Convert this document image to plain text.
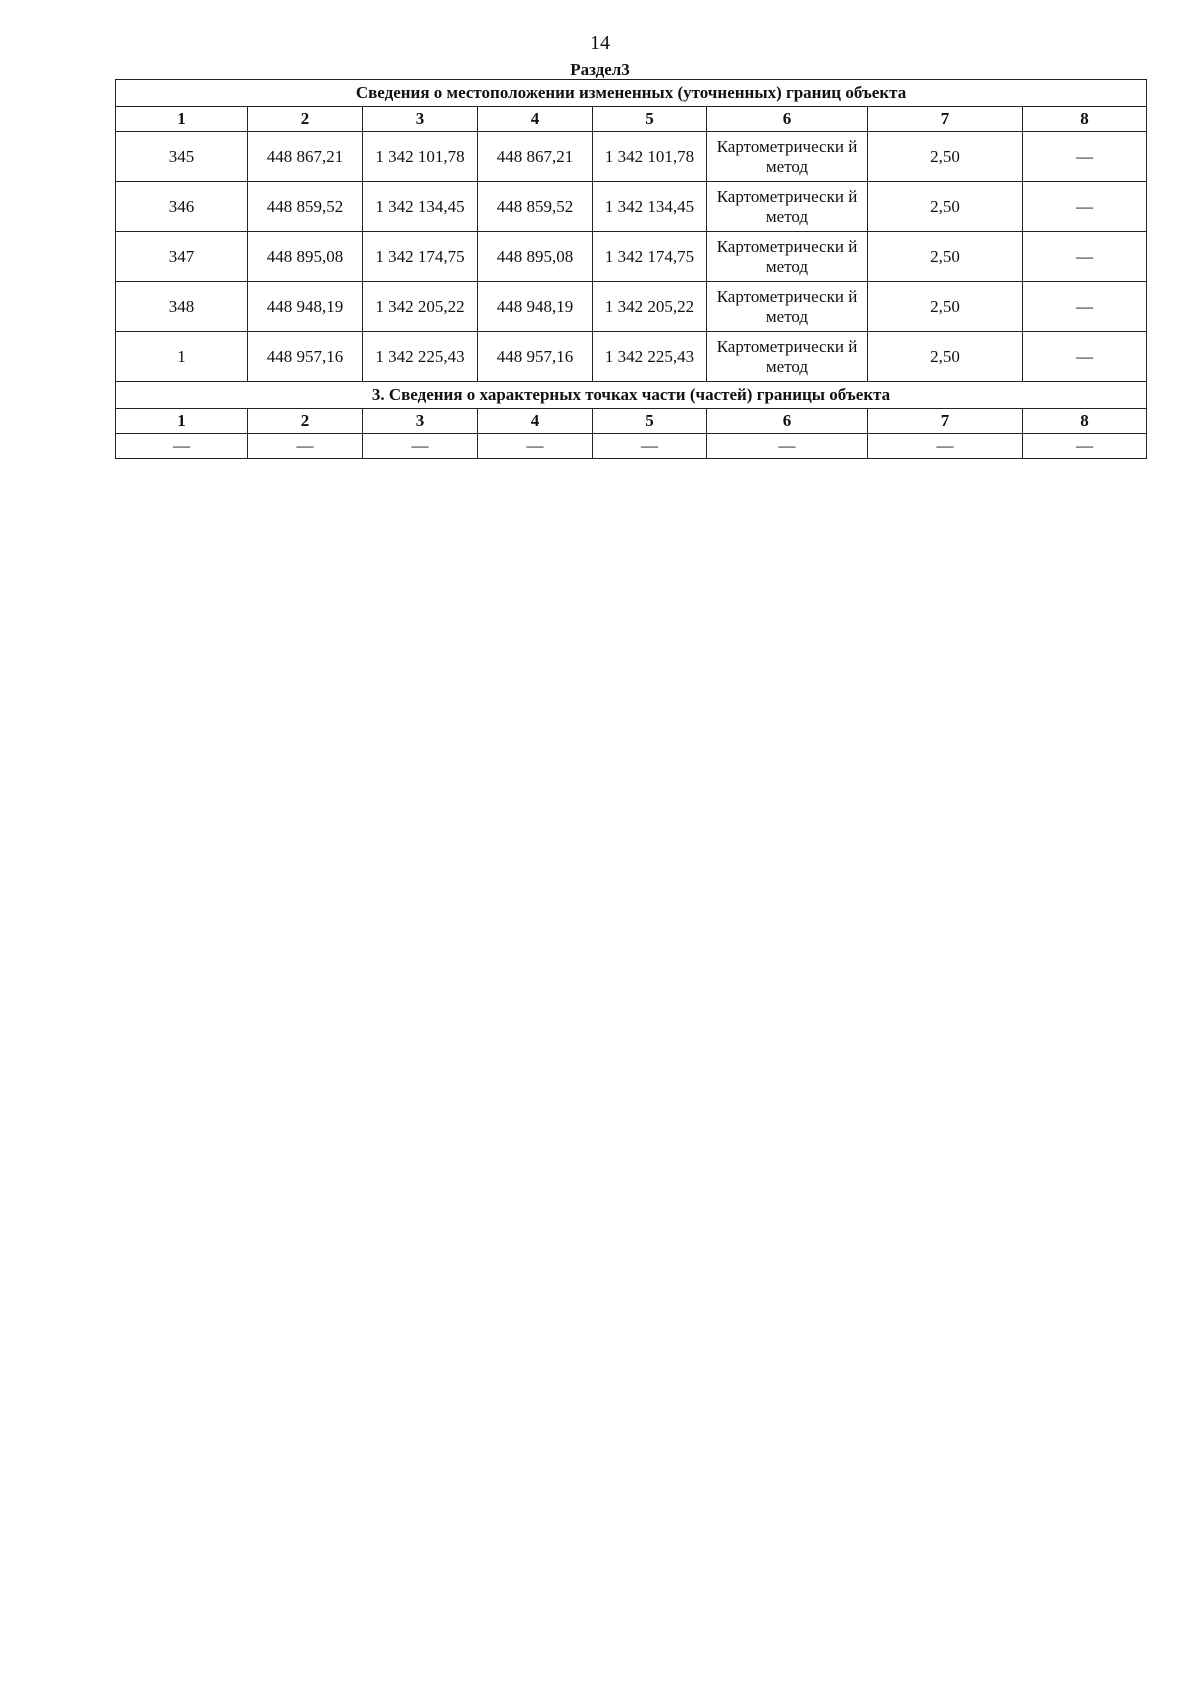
14
Раздел3
Сведения о местоположении измененных (уточненных) границ объекта							
1	2	3	4	5	6	7	8
345	448 867,21	1 342 101,78	448 867,21	1 342 101,78	Картометрически й метод	2,50	—
346	448 859,52	1 342 134,45	448 859,52	1 342 134,45	Картометрически й метод	2,50	—
347	448 895,08	1 342 174,75	448 895,08	1 342 174,75	Картометрически й метод	2,50	—
348	448 948,19	1 342 205,22	448 948,19	1 342 205,22	Картометрически й метод	2,50	—
1	448 957,16	1 342 225,43	448 957,16	1 342 225,43	Картометрически й метод	2,50	—
3. Сведения о характерных точках части (частей) границы объекта							
1	2	3	4	5	6	7	8
—	—	—	—	—	—	—	—
